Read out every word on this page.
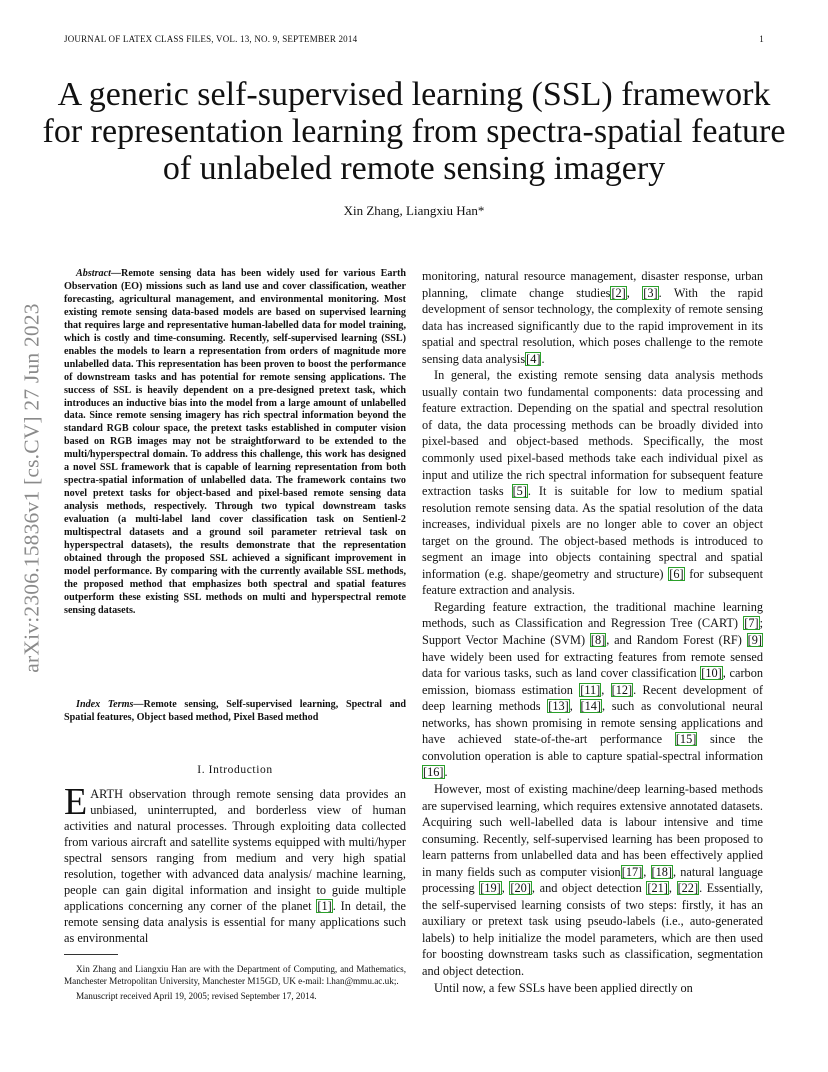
JOURNAL OF LATEX CLASS FILES, VOL. 13, NO. 9, SEPTEMBER 2014	1
arXiv:2306.15836v1 [cs.CV] 27 Jun 2023
A generic self-supervised learning (SSL) framework for representation learning from spectra-spatial feature of unlabeled remote sensing imagery
Xin Zhang, Liangxiu Han*

Abstract—Remote sensing data has been widely used for various Earth Observation (EO) missions such as land use and cover classification, weather forecasting, agricultural management, and environmental monitoring. Most existing remote sensing data-based models are based on supervised learning that requires large and representative human-labelled data for model training, which is costly and time-consuming. Recently, self-supervised learning (SSL) enables the models to learn a representation from orders of magnitude more unlabelled data. This representation has been proven to boost the performance of downstream tasks and has potential for remote sensing applications. The success of SSL is heavily dependent on a pre-designed pretext task, which introduces an inductive bias into the model from a large amount of unlabelled data. Since remote sensing imagery has rich spectral information beyond the standard RGB colour space, the pretext tasks established in computer vision based on RGB images may not be straightforward to be extended to the multi/hyperspectral domain. To address this challenge, this work has designed a novel SSL framework that is capable of learning representation from both spectra-spatial information of unlabelled data. The framework contains two novel pretext tasks for object-based and pixel-based remote sensing data analysis methods, respectively. Through two typical downstream tasks evaluation (a multi-label land cover classification task on Sentienl-2 multispectral datasets and a ground soil parameter retrieval task on hyperspectral datasets), the results demonstrate that the representation obtained through the proposed SSL achieved a significant improvement in model performance. By comparing with the currently available SSL methods, the proposed method that emphasizes both spectral and spatial features outperform these existing SSL methods on multi and hyperspectral remote sensing datasets.

Index Terms—Remote sensing, Self-supervised learning, Spectral and Spatial features, Object based method, Pixel Based method
I. Introduction
EARTH observation through remote sensing data provides an unbiased, uninterrupted, and borderless view of human activities and natural processes. Through exploiting data collected from various aircraft and satellite systems equipped with multi/hyper spectral sensors ranging from medium and very high spatial resolution, together with advanced data analysis/ machine learning, people can gain digital information and insight to guide multiple applications concerning any corner of the planet [1]. In detail, the remote sensing data analysis is essential for many applications such as environmental

Xin Zhang and Liangxiu Han are with the Department of Computing, and Mathematics, Manchester Metropolitan University, Manchester M15GD, UK e-mail: l.han@mmu.ac.uk;.

Manuscript received April 19, 2005; revised September 17, 2014.

monitoring, natural resource management, disaster response, urban planning, climate change studies[2], [3]. With the rapid development of sensor technology, the complexity of remote sensing data has increased significantly due to the rapid improvement in its spatial and spectral resolution, which poses challenge to the remote sensing data analysis[4].

In general, the existing remote sensing data analysis methods usually contain two fundamental components: data processing and feature extraction. Depending on the spatial and spectral resolution of data, the data processing methods can be broadly divided into pixel-based and object-based methods. Specifically, the most commonly used pixel-based methods take each individual pixel as input and utilize the rich spectral information for subsequent feature extraction tasks [5]. It is suitable for low to medium spatial resolution remote sensing data. As the spatial resolution of the data increases, individual pixels are no longer able to cover an object target on the ground. The object-based methods is introduced to segment an image into objects containing spectral and spatial information (e.g. shape/geometry and structure) [6] for subsequent feature extraction and analysis.

Regarding feature extraction, the traditional machine learning methods, such as Classification and Regression Tree (CART) [7]; Support Vector Machine (SVM) [8], and Random Forest (RF) [9] have widely been used for extracting features from remote sensed data for various tasks, such as land cover classification [10], carbon emission, biomass estimation [11], [12]. Recent development of deep learning methods [13], [14], such as convolutional neural networks, has shown promising in remote sensing applications and have achieved state-of-the-art performance [15] since the convolution operation is able to capture spatial-spectral information [16].

However, most of existing machine/deep learning-based methods are supervised learning, which requires extensive annotated datasets. Acquiring such well-labelled data is labour intensive and time consuming. Recently, self-supervised learning has been proposed to learn patterns from unlabelled data and has been effectively applied in many fields such as computer vision[17], [18], natural language processing [19], [20], and object detection [21], [22]. Essentially, the self-supervised learning consists of two steps: firstly, it has an auxiliary or pretext task using pseudo-labels (i.e., auto-generated labels) to help initialize the model parameters, which are then used for boosting downstream tasks such as classification, segmentation and object detection.

Until now, a few SSLs have been applied directly on
